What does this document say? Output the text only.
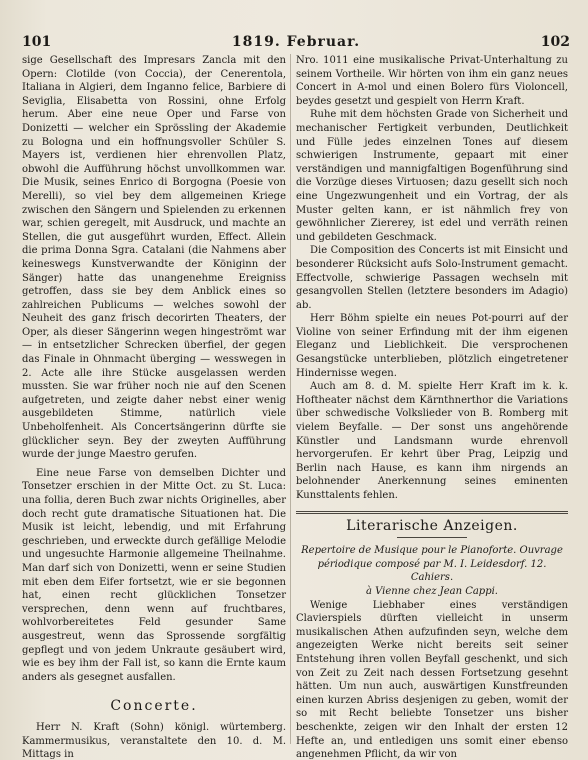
101	1819. Februar.	102

sige Gesellschaft des Impresars Zancla mit den Opern: Clotilde (von Coccia), der Cenerentola, Italiana in Algieri, dem Inganno felice, Barbiere di Seviglia, Elisabetta von Rossini, ohne Erfolg herum. Aber eine neue Oper und Farse von Donizetti — welcher ein Sprössling der Akademie zu Bologna und ein hoffnungsvoller Schüler S. Mayers ist, verdienen hier ehrenvollen Platz, obwohl die Aufführung höchst unvollkommen war. Die Musik, seines Enrico di Borgogna (Poesie von Merelli), so viel bey dem allgemeinen Kriege zwischen den Sängern und Spielenden zu erkennen war, schien geregelt, mit Ausdruck, und machte an Stellen, die gut ausgeführt wurden, Effect. Allein die prima Donna Sgra. Catalani (die Nahmens aber keineswegs Kunstverwandte der Königinn der Sänger) hatte das unangenehme Ereigniss getroffen, dass sie bey dem Anblick eines so zahlreichen Publicums — welches sowohl der Neuheit des ganz frisch decorirten Theaters, der Oper, als dieser Sängerinn wegen hingeströmt war — in entsetzlicher Schrecken überfiel, der gegen das Finale in Ohnmacht überging — wesswegen in 2. Acte alle ihre Stücke ausgelassen werden mussten. Sie war früher noch nie auf den Scenen aufgetreten, und zeigte daher nebst einer wenig ausgebildeten Stimme, natürlich viele Unbeholfenheit. Als Concertsängerinn dürfte sie glücklicher seyn. Bey der zweyten Aufführung wurde der junge Maestro gerufen.

Eine neue Farse von demselben Dichter und Tonsetzer erschien in der Mitte Oct. zu St. Luca: una follia, deren Buch zwar nichts Originelles, aber doch recht gute dramatische Situationen hat. Die Musik ist leicht, lebendig, und mit Erfahrung geschrieben, und erweckte durch gefällige Melodie und ungesuchte Harmonie allgemeine Theilnahme. Man darf sich von Donizetti, wenn er seine Studien mit eben dem Eifer fortsetzt, wie er sie begonnen hat, einen recht glücklichen Tonsetzer versprechen, denn wenn auf fruchtbares, wohlvorbereitetes Feld gesunder Same ausgestreut, wenn das Sprossende sorgfältig gepflegt und von jedem Unkraute gesäubert wird, wie es bey ihm der Fall ist, so kann die Ernte kaum anders als gesegnet ausfallen.

Concerte.

Herr N. Kraft (Sohn) königl. würtemberg. Kammermusikus, veranstaltete den 10. d. M. Mittags in

Nro. 1011 eine musikalische Privat-Unterhaltung zu seinem Vortheile. Wir hörten von ihm ein ganz neues Concert in A-mol und einen Bolero fürs Violoncell, beydes gesetzt und gespielt von Herrn Kraft.

Ruhe mit dem höchsten Grade von Sicherheit und mechanischer Fertigkeit verbunden, Deutlichkeit und Fülle jedes einzelnen Tones auf diesem schwierigen Instrumente, gepaart mit einer verständigen und mannigfaltigen Bogenführung sind die Vorzüge dieses Virtuosen; dazu gesellt sich noch eine Ungezwungenheit und ein Vortrag, der als Muster gelten kann, er ist nähmlich frey von gewöhnlicher Ziererey, ist edel und verräth reinen und gebildeten Geschmack.

Die Composition des Concerts ist mit Einsicht und besonderer Rücksicht aufs Solo-Instrument gemacht. Effectvolle, schwierige Passagen wechseln mit gesangvollen Stellen (letztere besonders im Adagio) ab.

Herr Böhm spielte ein neues Pot-pourri auf der Violine von seiner Erfindung mit der ihm eigenen Eleganz und Lieblichkeit. Die versprochenen Gesangstücke unterblieben, plötzlich eingetretener Hindernisse wegen.

Auch am 8. d. M. spielte Herr Kraft im k. k. Hoftheater nächst dem Kärnthnerthor die Variations über schwedische Volkslieder von B. Romberg mit vielem Beyfalle. — Der sonst uns angehörende Künstler und Landsmann wurde ehrenvoll hervorgerufen. Er kehrt über Prag, Leipzig und Berlin nach Hause, es kann ihm nirgends an belohnender Anerkennung seines eminenten Kunsttalents fehlen.

Literarische Anzeigen.

Repertoire de Musique pour le Pianoforte. Ouvrage périodique composé par M. I. Leidesdorf. 12. Cahiers.

à Vienne chez Jean Cappi.

Wenige Liebhaber eines verständigen Clavierspiels dürften vielleicht in unserm musikalischen Athen aufzufinden seyn, welche dem angezeigten Werke nicht bereits seit seiner Entstehung ihren vollen Beyfall geschenkt, und sich von Zeit zu Zeit nach dessen Fortsetzung gesehnt hätten. Um nun auch, auswärtigen Kunstfreunden einen kurzen Abriss desjenigen zu geben, womit der so mit Recht beliebte Tonsetzer uns bisher beschenkte, zeigen wir den Inhalt der ersten 12 Hefte an, und entledigen uns somit einer ebenso angenehmen Pflicht, da wir von
